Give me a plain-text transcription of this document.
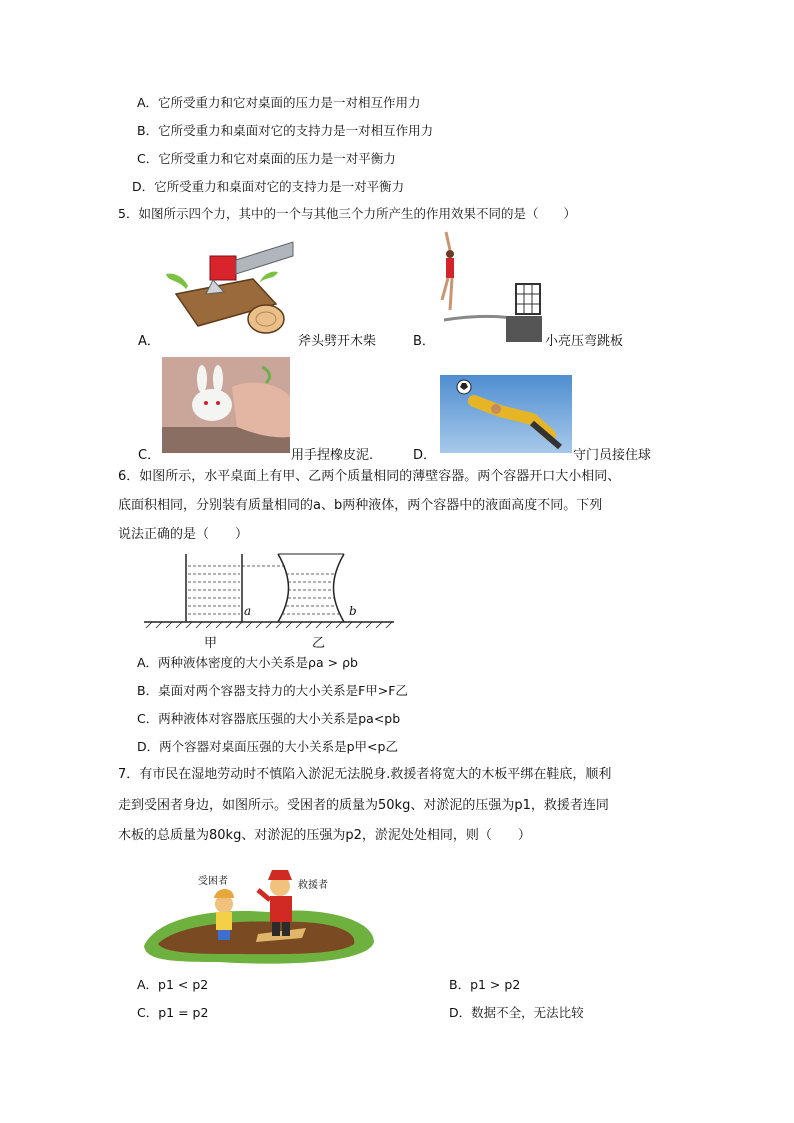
A．它所受重力和它对桌面的压力是一对相互作用力
B．它所受重力和桌面对它的支持力是一对相互作用力
C．它所受重力和它对桌面的压力是一对平衡力
D．它所受重力和桌面对它的支持力是一对平衡力
5．如图所示四个力，其中的一个与其他三个力所产生的作用效果不同的是（　　）
A．	斧头劈开木柴	B．	小亮压弯跳板
C．	用手捏橡皮泥.	D．	守门员接住球
6．如图所示，水平桌面上有甲、乙两个质量相同的薄壁容器。两个容器开口大小相同、
底面积相同，分别装有质量相同的a、b两种液体，两个容器中的液面高度不同。下列
说法正确的是（　　）
a	b
甲	乙
A．两种液体密度的大小关系是ρa > ρb
B．桌面对两个容器支持力的大小关系是F甲>F乙
C．两种液体对容器底压强的大小关系是pa<pb
D．两个容器对桌面压强的大小关系是p甲<p乙
7．有市民在湿地劳动时不慎陷入淤泥无法脱身.救援者将宽大的木板平绑在鞋底，顺利
走到受困者身边，如图所示。受困者的质量为50kg、对淤泥的压强为p1，救援者连同
木板的总质量为80kg、对淤泥的压强为p2，淤泥处处相同，则（　　）
受困者	救援者
A．p1 < p2	B．p1 > p2
C．p1 = p2	D．数据不全，无法比较
